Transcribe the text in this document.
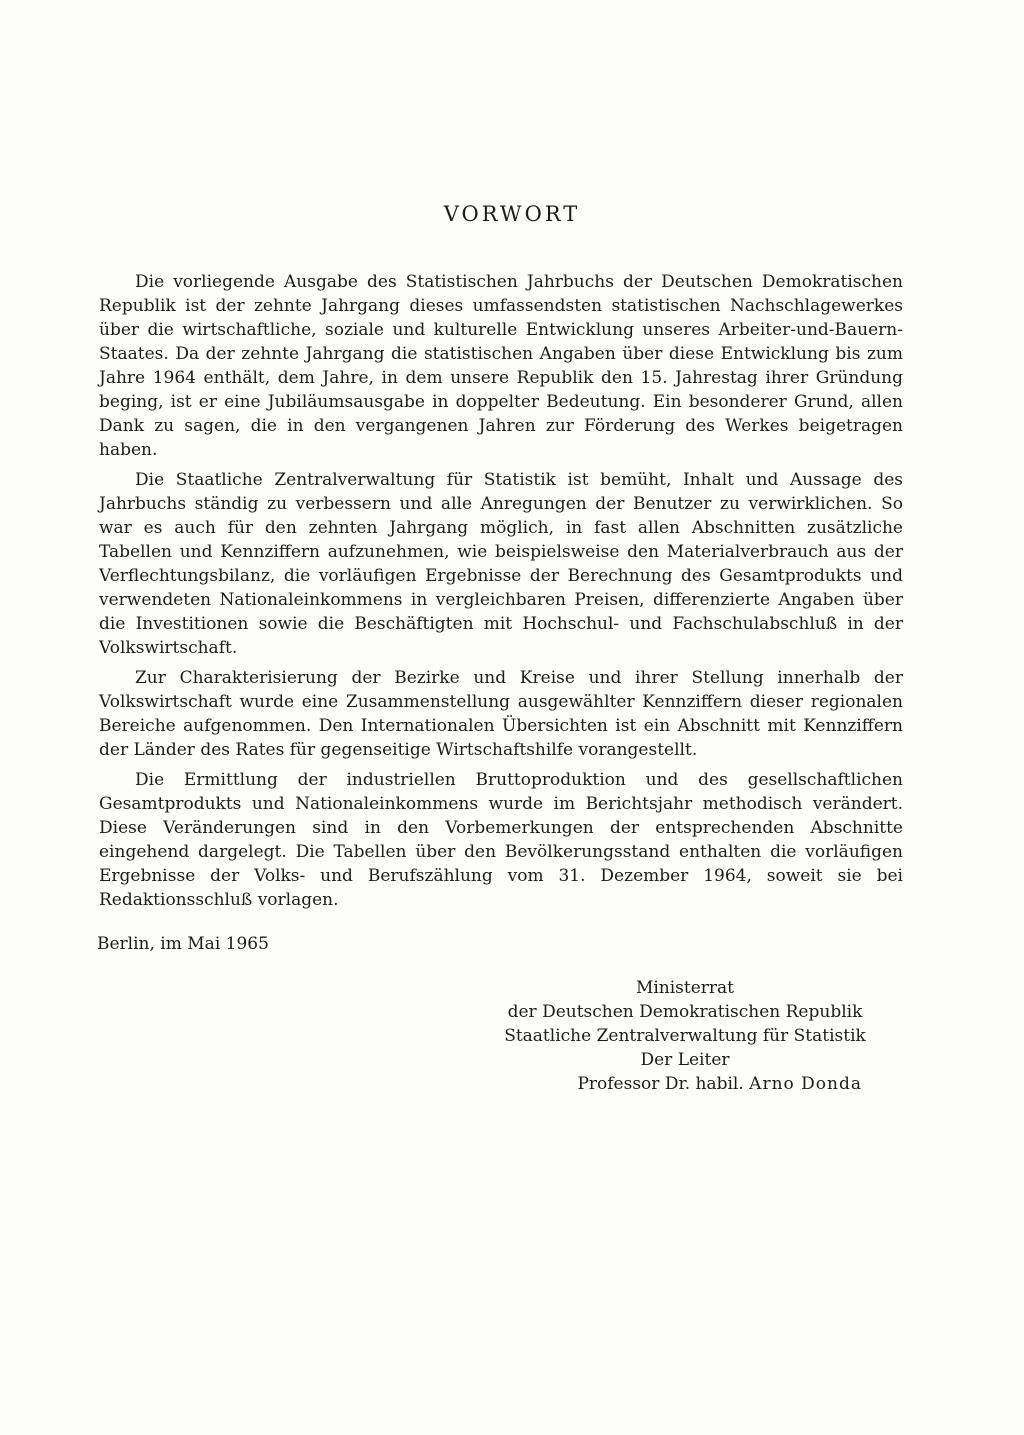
VORWORT

Die vorliegende Ausgabe des Statistischen Jahrbuchs der Deutschen Demokratischen Republik ist der zehnte Jahrgang dieses umfassendsten statistischen Nachschlagewerkes über die wirtschaftliche, soziale und kulturelle Entwicklung unseres Arbeiter-und-Bauern-Staates. Da der zehnte Jahrgang die statistischen Angaben über diese Entwicklung bis zum Jahre 1964 enthält, dem Jahre, in dem unsere Republik den 15. Jahrestag ihrer Gründung beging, ist er eine Jubiläumsausgabe in doppelter Bedeutung. Ein besonderer Grund, allen Dank zu sagen, die in den vergangenen Jahren zur Förderung des Werkes beigetragen haben.

Die Staatliche Zentralverwaltung für Statistik ist bemüht, Inhalt und Aussage des Jahrbuchs ständig zu verbessern und alle Anregungen der Benutzer zu verwirklichen. So war es auch für den zehnten Jahrgang möglich, in fast allen Abschnitten zusätzliche Tabellen und Kennziffern aufzunehmen, wie beispielsweise den Materialverbrauch aus der Verflechtungsbilanz, die vorläufigen Ergebnisse der Berechnung des Gesamtprodukts und verwendeten Nationaleinkommens in vergleichbaren Preisen, differenzierte Angaben über die Investitionen sowie die Beschäftigten mit Hochschul- und Fachschulabschluß in der Volkswirtschaft.

Zur Charakterisierung der Bezirke und Kreise und ihrer Stellung innerhalb der Volkswirtschaft wurde eine Zusammenstellung ausgewählter Kennziffern dieser regionalen Bereiche aufgenommen. Den Internationalen Übersichten ist ein Abschnitt mit Kennziffern der Länder des Rates für gegenseitige Wirtschaftshilfe vorangestellt.

Die Ermittlung der industriellen Bruttoproduktion und des gesellschaftlichen Gesamtprodukts und Nationaleinkommens wurde im Berichtsjahr methodisch verändert. Diese Veränderungen sind in den Vorbemerkungen der entsprechenden Abschnitte eingehend dargelegt. Die Tabellen über den Bevölkerungsstand enthalten die vorläufigen Ergebnisse der Volks- und Berufszählung vom 31. Dezember 1964, soweit sie bei Redaktionsschluß vorlagen.

Berlin, im Mai 1965

Ministerrat

der Deutschen Demokratischen Republik

Staatliche Zentralverwaltung für Statistik

Der Leiter

Professor Dr. habil. Arno Donda
